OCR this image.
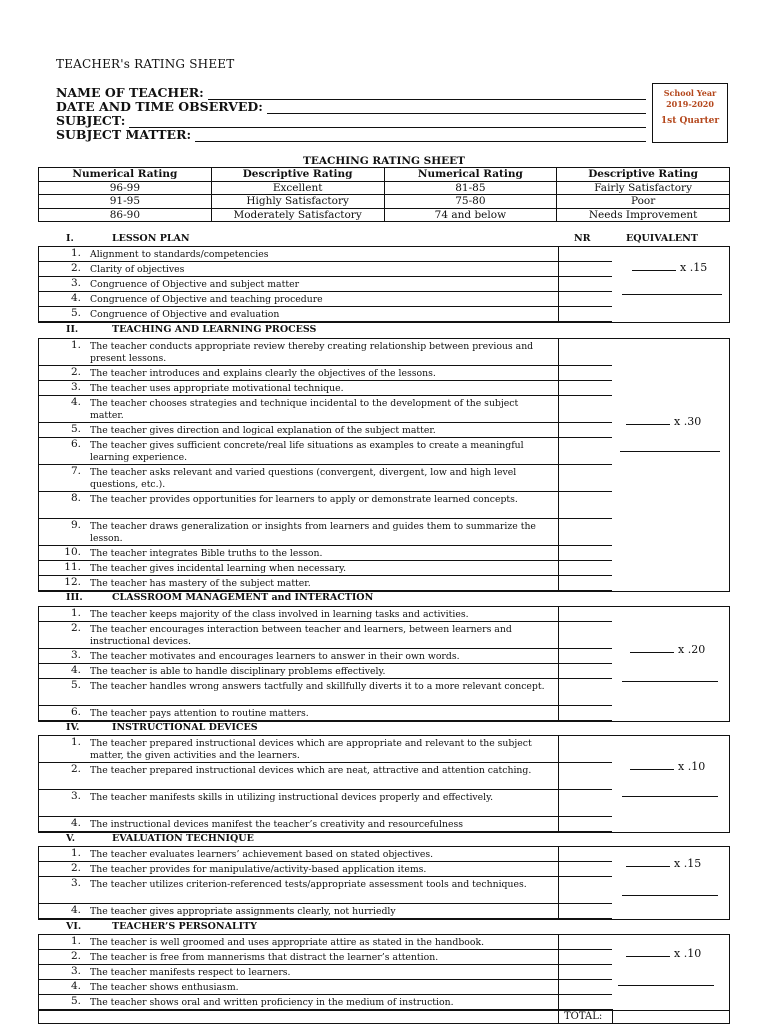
TEACHER's RATING SHEET
NAME OF TEACHER:
DATE AND TIME OBSERVED:
SUBJECT:
SUBJECT MATTER:
School Year
2019-2020
1st Quarter
TEACHING RATING SHEET
Numerical Rating	Descriptive Rating	Numerical Rating	Descriptive Rating
96-99	Excellent	81-85	Fairly Satisfactory
91-95	Highly Satisfactory	75-80	Poor
86-90	Moderately Satisfactory	74 and below	Needs Improvement
I.	LESSON PLAN	NR	EQUIVALENT
1. Alignment to standards/competencies
2. Clarity of objectives
3. Congruence of Objective and subject matter
4. Congruence of Objective and teaching procedure
5. Congruence of Objective and evaluation
x .15
II.	TEACHING AND LEARNING PROCESS
1. The teacher conducts appropriate review thereby creating relationship between previous and present lessons.
2. The teacher introduces and explains clearly the objectives of the lessons.
3. The teacher uses appropriate motivational technique.
4. The teacher chooses strategies and technique incidental to the development of the subject matter.
5. The teacher gives direction and logical explanation of the subject matter.
6. The teacher gives sufficient concrete/real life situations as examples to create a meaningful learning experience.
7. The teacher asks relevant and varied questions (convergent, divergent, low and high level questions, etc.).
8. The teacher provides opportunities for learners to apply or demonstrate learned concepts.
9. The teacher draws generalization or insights from learners and guides them to summarize the lesson.
10. The teacher integrates Bible truths to the lesson.
11. The teacher gives incidental learning when necessary.
12. The teacher has mastery of the subject matter.
x .30
III.	CLASSROOM MANAGEMENT and INTERACTION
1. The teacher keeps majority of the class involved in learning tasks and activities.
2. The teacher encourages interaction between teacher and learners, between learners and instructional devices.
3. The teacher motivates and encourages learners to answer in their own words.
4. The teacher is able to handle disciplinary problems effectively.
5. The teacher handles wrong answers tactfully and skillfully diverts it to a more relevant concept.
6. The teacher pays attention to routine matters.
x .20
IV.	INSTRUCTIONAL DEVICES
1. The teacher prepared instructional devices which are appropriate and relevant to the subject matter, the given activities and the learners.
2. The teacher prepared instructional devices which are neat, attractive and attention catching.
3. The teacher manifests skills in utilizing instructional devices properly and effectively.
4. The instructional devices manifest the teacher’s creativity and resourcefulness
x .10
V.	EVALUATION TECHNIQUE
1. The teacher evaluates learners’ achievement based on stated objectives.
2. The teacher provides for manipulative/activity-based application items.
3. The teacher utilizes criterion-referenced tests/appropriate assessment tools and techniques.
4. The teacher gives appropriate assignments clearly, not hurriedly
x .15
VI.	TEACHER’S PERSONALITY
1. The teacher is well groomed and uses appropriate attire as stated in the handbook.
2. The teacher is free from mannerisms that distract the learner’s attention.
3. The teacher manifests respect to learners.
4. The teacher shows enthusiasm.
5. The teacher shows oral and written proficiency in the medium of instruction.
x .10
TOTAL:
